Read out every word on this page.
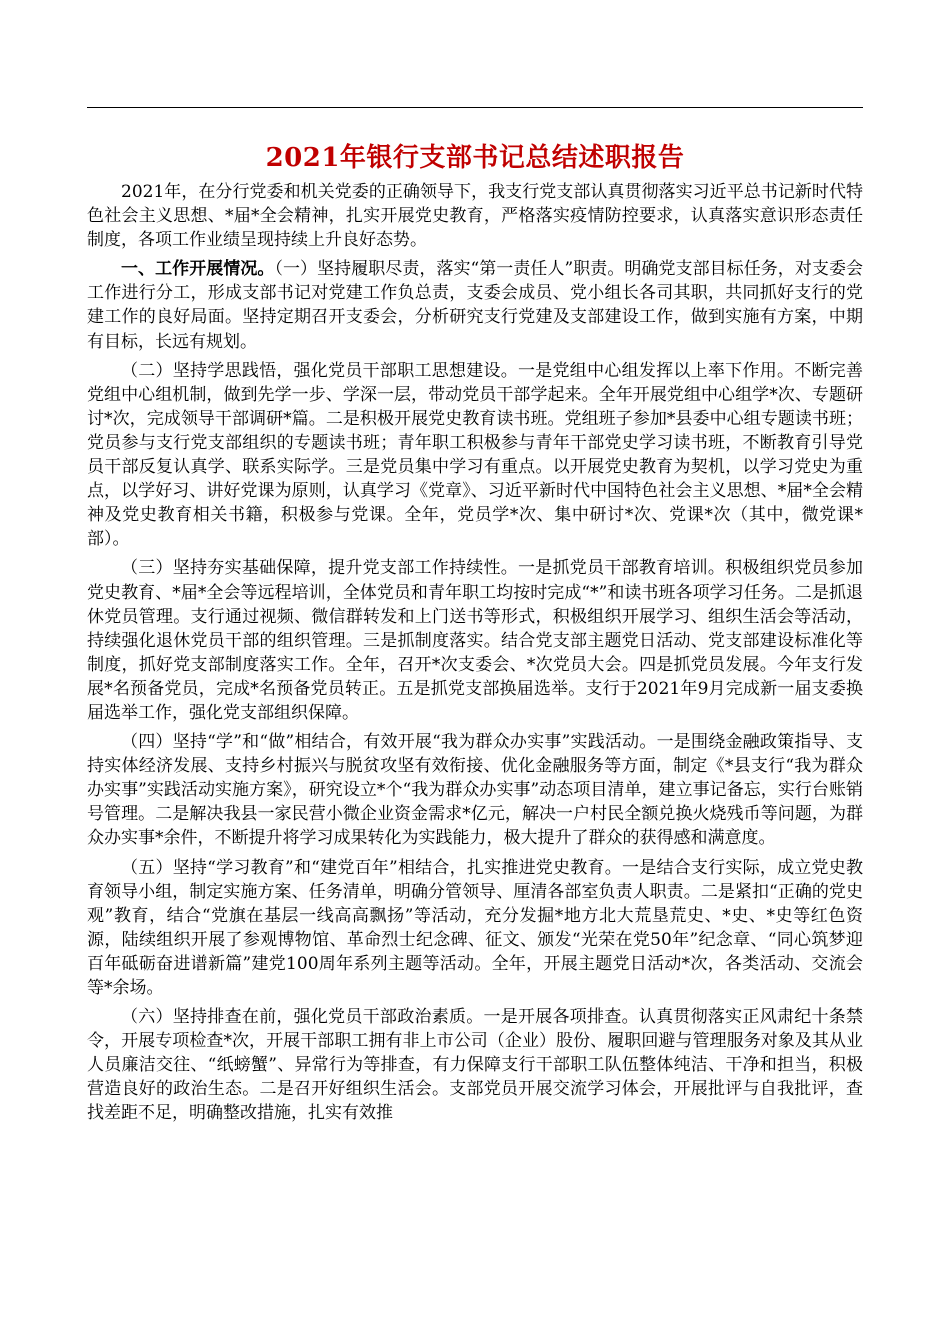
2021年银行支部书记总结述职报告

2021年，在分行党委和机关党委的正确领导下，我支行党支部认真贯彻落实习近平总书记新时代特色社会主义思想、*届*全会精神，扎实开展党史教育，严格落实疫情防控要求，认真落实意识形态责任制度，各项工作业绩呈现持续上升良好态势。

一、工作开展情况。（一）坚持履职尽责，落实“第一责任人”职责。明确党支部目标任务，对支委会工作进行分工，形成支部书记对党建工作负总责，支委会成员、党小组长各司其职，共同抓好支行的党建工作的良好局面。坚持定期召开支委会，分析研究支行党建及支部建设工作，做到实施有方案，中期有目标，长远有规划。

（二）坚持学思践悟，强化党员干部职工思想建设。一是党组中心组发挥以上率下作用。不断完善党组中心组机制，做到先学一步、学深一层，带动党员干部学起来。全年开展党组中心组学*次、专题研讨*次，完成领导干部调研*篇。二是积极开展党史教育读书班。党组班子参加*县委中心组专题读书班；党员参与支行党支部组织的专题读书班；青年职工积极参与青年干部党史学习读书班，不断教育引导党员干部反复认真学、联系实际学。三是党员集中学习有重点。以开展党史教育为契机，以学习党史为重点，以学好习、讲好党课为原则，认真学习《党章》、习近平新时代中国特色社会主义思想、*届*全会精神及党史教育相关书籍，积极参与党课。全年，党员学*次、集中研讨*次、党课*次（其中，微党课*部）。

（三）坚持夯实基础保障，提升党支部工作持续性。一是抓党员干部教育培训。积极组织党员参加党史教育、*届*全会等远程培训，全体党员和青年职工均按时完成“*”和读书班各项学习任务。二是抓退休党员管理。支行通过视频、微信群转发和上门送书等形式，积极组织开展学习、组织生活会等活动，持续强化退休党员干部的组织管理。三是抓制度落实。结合党支部主题党日活动、党支部建设标准化等制度，抓好党支部制度落实工作。全年，召开*次支委会、*次党员大会。四是抓党员发展。今年支行发展*名预备党员，完成*名预备党员转正。五是抓党支部换届选举。支行于2021年9月完成新一届支委换届选举工作，强化党支部组织保障。

（四）坚持“学”和“做”相结合，有效开展“我为群众办实事”实践活动。一是围绕金融政策指导、支持实体经济发展、支持乡村振兴与脱贫攻坚有效衔接、优化金融服务等方面，制定《*县支行“我为群众办实事”实践活动实施方案》，研究设立*个“我为群众办实事”动态项目清单，建立事记备忘，实行台账销号管理。二是解决我县一家民营小微企业资金需求*亿元，解决一户村民全额兑换火烧残币等问题，为群众办实事*余件，不断提升将学习成果转化为实践能力，极大提升了群众的获得感和满意度。

（五）坚持“学习教育”和“建党百年”相结合，扎实推进党史教育。一是结合支行实际，成立党史教育领导小组，制定实施方案、任务清单，明确分管领导、厘清各部室负责人职责。二是紧扣“正确的党史观”教育，结合“党旗在基层一线高高飘扬”等活动，充分发掘*地方北大荒垦荒史、*史、*史等红色资源，陆续组织开展了参观博物馆、革命烈士纪念碑、征文、颁发“光荣在党50年”纪念章、“同心筑梦迎百年砥砺奋进谱新篇”建党100周年系列主题等活动。全年，开展主题党日活动*次，各类活动、交流会等*余场。

（六）坚持排查在前，强化党员干部政治素质。一是开展各项排查。认真贯彻落实正风肃纪十条禁令，开展专项检查*次，开展干部职工拥有非上市公司（企业）股份、履职回避与管理服务对象及其从业人员廉洁交往、“纸螃蟹”、异常行为等排查，有力保障支行干部职工队伍整体纯洁、干净和担当，积极营造良好的政治生态。二是召开好组织生活会。支部党员开展交流学习体会，开展批评与自我批评，查找差距不足，明确整改措施，扎实有效推
